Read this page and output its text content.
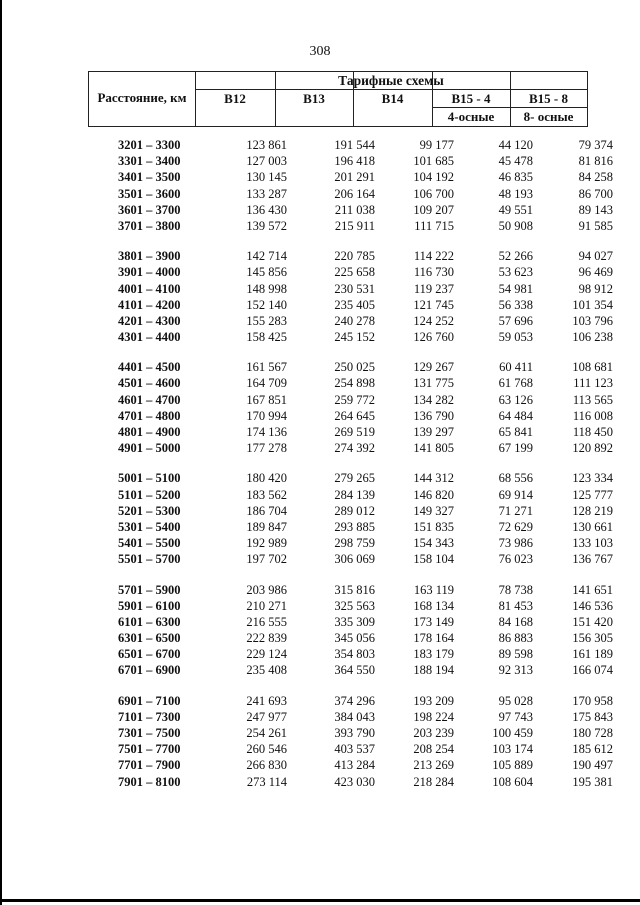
308
Расстояние, км
Тарифные схемы
В12	В13	В14	В15 - 4	В15 - 8
4-осные	8- осные
3201 – 3300	123 861	191 544	99 177	44 120	79 374
3301 – 3400	127 003	196 418	101 685	45 478	81 816
3401 – 3500	130 145	201 291	104 192	46 835	84 258
3501 – 3600	133 287	206 164	106 700	48 193	86 700
3601 – 3700	136 430	211 038	109 207	49 551	89 143
3701 – 3800	139 572	215 911	111 715	50 908	91 585
3801 – 3900	142 714	220 785	114 222	52 266	94 027
3901 – 4000	145 856	225 658	116 730	53 623	96 469
4001 – 4100	148 998	230 531	119 237	54 981	98 912
4101 – 4200	152 140	235 405	121 745	56 338	101 354
4201 – 4300	155 283	240 278	124 252	57 696	103 796
4301 – 4400	158 425	245 152	126 760	59 053	106 238
4401 – 4500	161 567	250 025	129 267	60 411	108 681
4501 – 4600	164 709	254 898	131 775	61 768	111 123
4601 – 4700	167 851	259 772	134 282	63 126	113 565
4701 – 4800	170 994	264 645	136 790	64 484	116 008
4801 – 4900	174 136	269 519	139 297	65 841	118 450
4901 – 5000	177 278	274 392	141 805	67 199	120 892
5001 – 5100	180 420	279 265	144 312	68 556	123 334
5101 – 5200	183 562	284 139	146 820	69 914	125 777
5201 – 5300	186 704	289 012	149 327	71 271	128 219
5301 – 5400	189 847	293 885	151 835	72 629	130 661
5401 – 5500	192 989	298 759	154 343	73 986	133 103
5501 – 5700	197 702	306 069	158 104	76 023	136 767
5701 – 5900	203 986	315 816	163 119	78 738	141 651
5901 – 6100	210 271	325 563	168 134	81 453	146 536
6101 – 6300	216 555	335 309	173 149	84 168	151 420
6301 – 6500	222 839	345 056	178 164	86 883	156 305
6501 – 6700	229 124	354 803	183 179	89 598	161 189
6701 – 6900	235 408	364 550	188 194	92 313	166 074
6901 – 7100	241 693	374 296	193 209	95 028	170 958
7101 – 7300	247 977	384 043	198 224	97 743	175 843
7301 – 7500	254 261	393 790	203 239	100 459	180 728
7501 – 7700	260 546	403 537	208 254	103 174	185 612
7701 – 7900	266 830	413 284	213 269	105 889	190 497
7901 – 8100	273 114	423 030	218 284	108 604	195 381
